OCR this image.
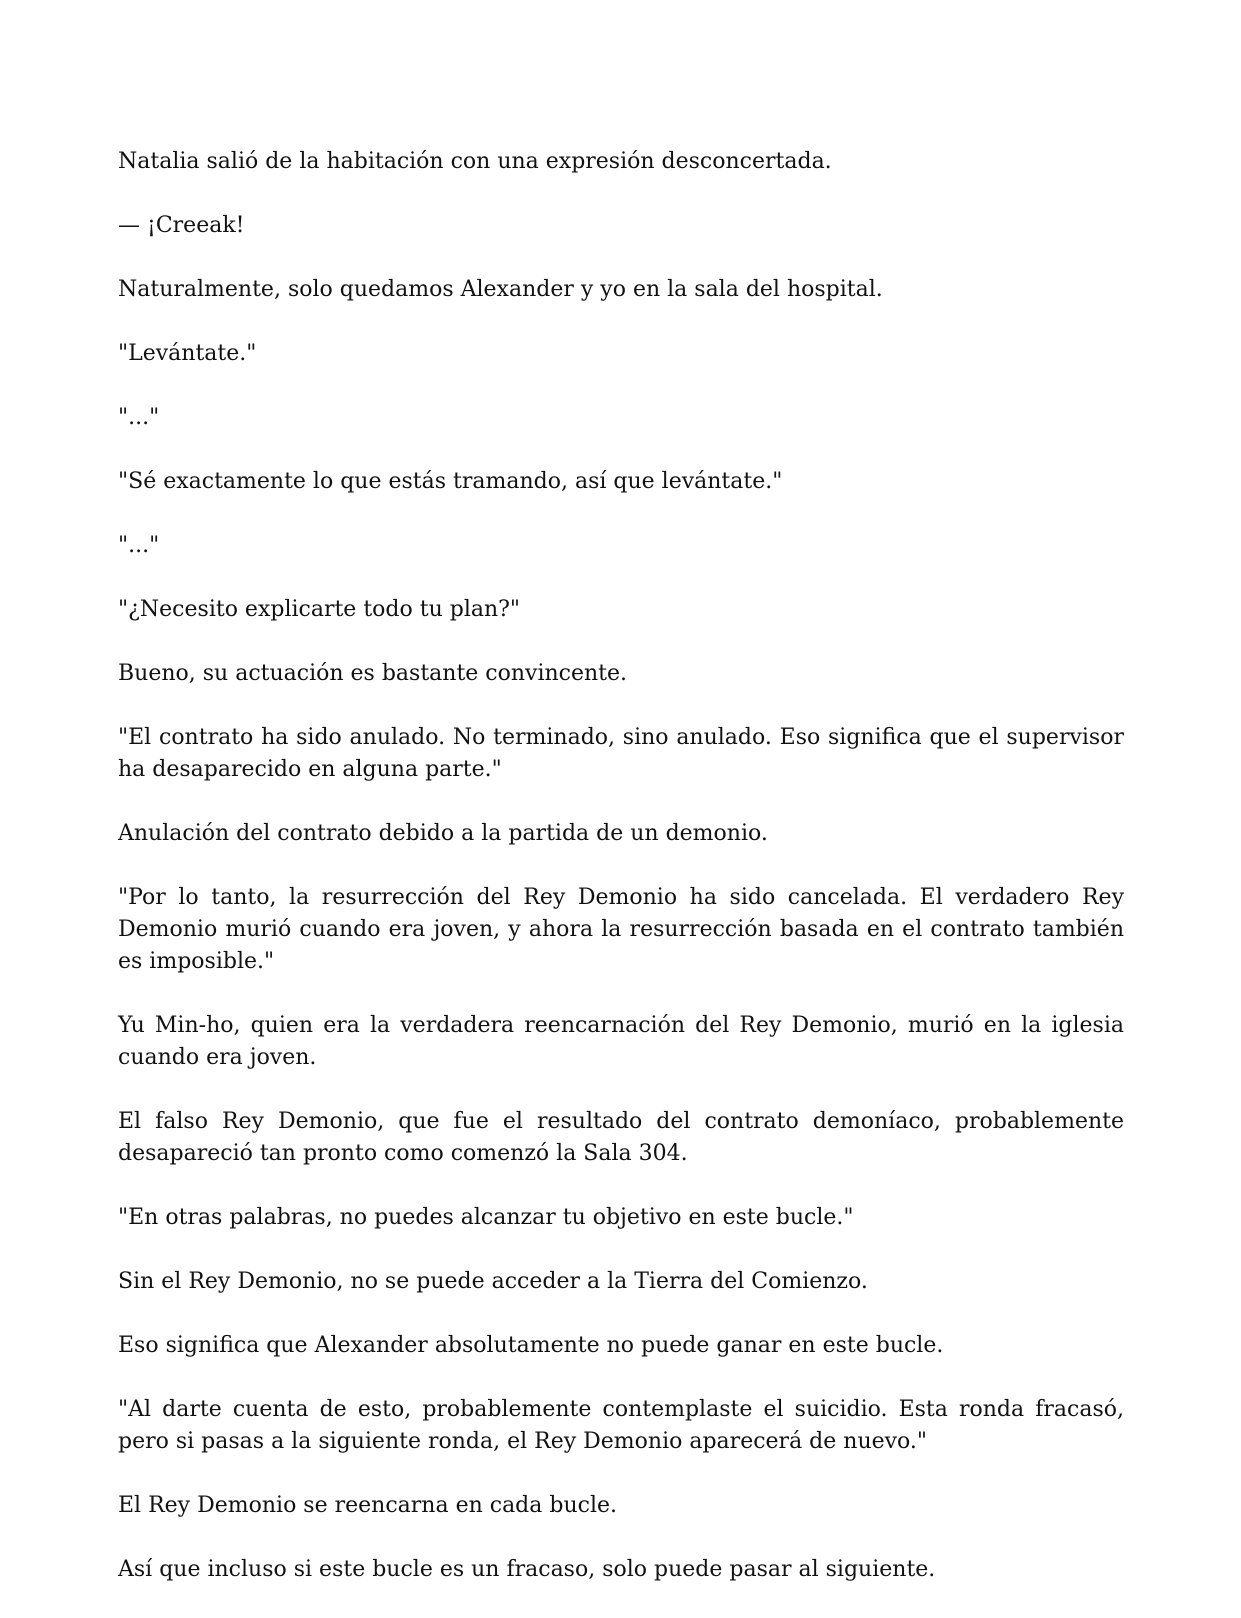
Natalia salió de la habitación con una expresión desconcertada.

— ¡Creeak!

Naturalmente, solo quedamos Alexander y yo en la sala del hospital.

"Levántate."

"..."

"Sé exactamente lo que estás tramando, así que levántate."

"..."

"¿Necesito explicarte todo tu plan?"

Bueno, su actuación es bastante convincente.

"El contrato ha sido anulado. No terminado, sino anulado. Eso significa que el supervisor ha desaparecido en alguna parte."

Anulación del contrato debido a la partida de un demonio.

"Por lo tanto, la resurrección del Rey Demonio ha sido cancelada. El verdadero Rey Demonio murió cuando era joven, y ahora la resurrección basada en el contrato también es imposible."

Yu Min-ho, quien era la verdadera reencarnación del Rey Demonio, murió en la iglesia cuando era joven.

El falso Rey Demonio, que fue el resultado del contrato demoníaco, probablemente desapareció tan pronto como comenzó la Sala 304.

"En otras palabras, no puedes alcanzar tu objetivo en este bucle."

Sin el Rey Demonio, no se puede acceder a la Tierra del Comienzo.

Eso significa que Alexander absolutamente no puede ganar en este bucle.

"Al darte cuenta de esto, probablemente contemplaste el suicidio. Esta ronda fracasó, pero si pasas a la siguiente ronda, el Rey Demonio aparecerá de nuevo."

El Rey Demonio se reencarna en cada bucle.

Así que incluso si este bucle es un fracaso, solo puede pasar al siguiente.
